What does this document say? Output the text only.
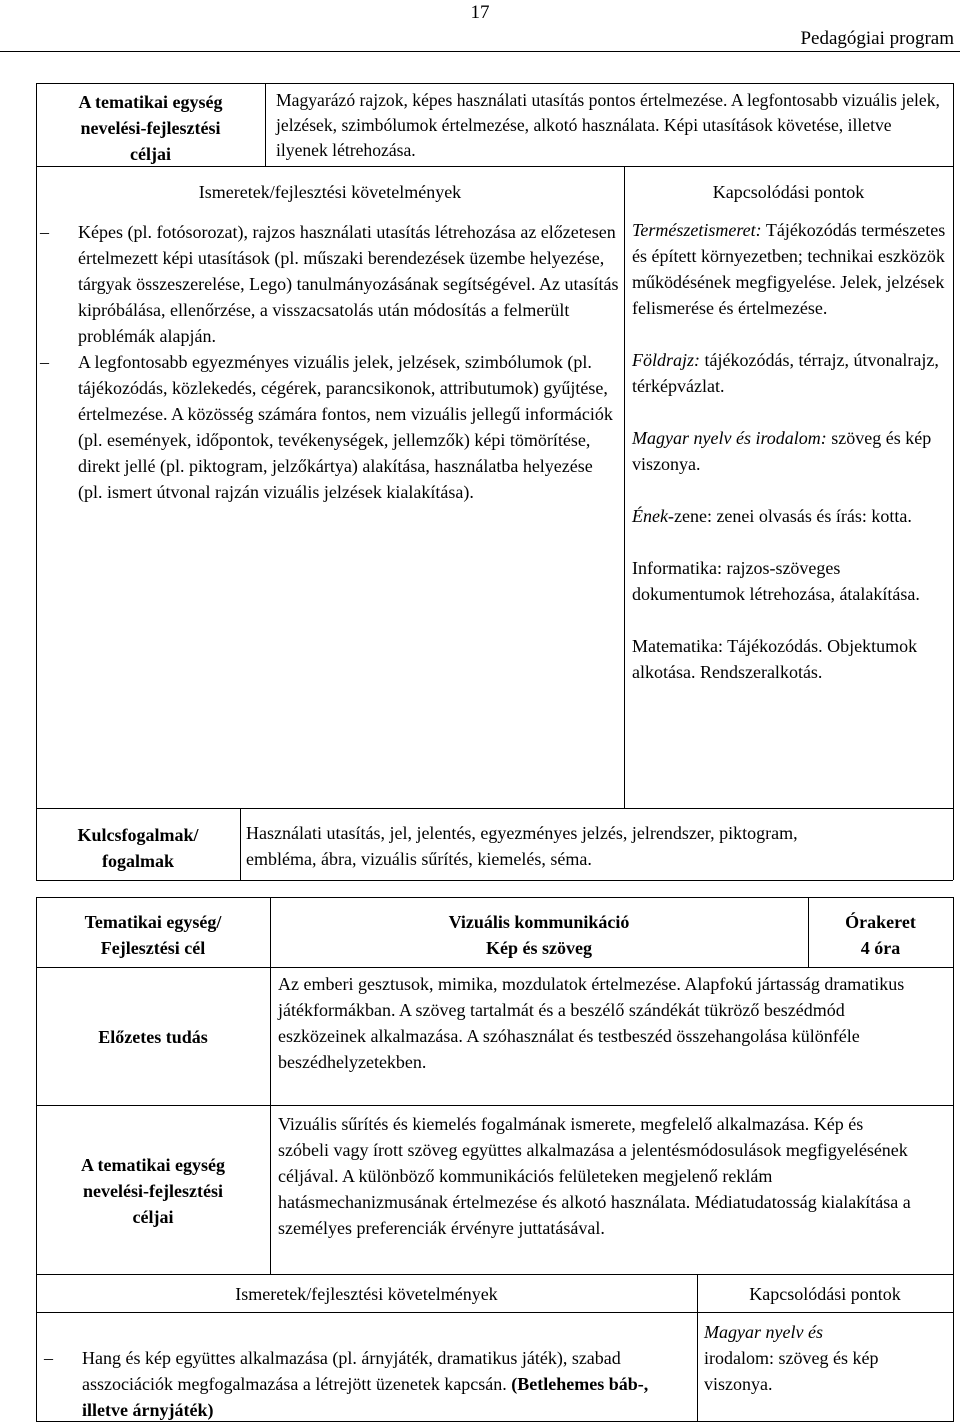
17
Pedagógiai program
A tematikai egység
nevelési-fejlesztési
céljai
Magyarázó rajzok, képes használati utasítás pontos értelmezése. A legfontosabb vizuális jelek, jelzések, szimbólumok értelmezése, alkotó használata. Képi utasítások követése, illetve ilyenek létrehozása.
Ismeretek/fejlesztési követelmények	Kapcsolódási pontok
– Képes (pl. fotósorozat), rajzos használati utasítás létrehozása az előzetesen értelmezett képi utasítások (pl. műszaki berendezések üzembe helyezése, tárgyak összeszerelése, Lego) tanulmányozásának segítségével. Az utasítás kipróbálása, ellenőrzése, a visszacsatolás után módosítás a felmerült problémák alapján.
– A legfontosabb egyezményes vizuális jelek, jelzések, szimbólumok (pl. tájékozódás, közlekedés, cégérek, parancsikonok, attributumok) gyűjtése, értelmezése. A közösség számára fontos, nem vizuális jellegű információk (pl. események, időpontok, tevékenységek, jellemzők) képi tömörítése, direkt jellé (pl. piktogram, jelzőkártya) alakítása, használatba helyezése (pl. ismert útvonal rajzán vizuális jelzések kialakítása).

Természetismeret: Tájékozódás természetes és épített környezetben; technikai eszközök működésének megfigyelése. Jelek, jelzések felismerése és értelmezése.

Földrajz: tájékozódás, térrajz, útvonalrajz, térképvázlat.

Magyar nyelv és irodalom: szöveg és kép viszonya.

Ének-zene: zenei olvasás és írás: kotta.

Informatika: rajzos-szöveges dokumentumok létrehozása, átalakítása.

Matematika: Tájékozódás. Objektumok alkotása. Rendszeralkotás.

Kulcsfogalmak/
fogalmak
Használati utasítás, jel, jelentés, egyezményes jelzés, jelrendszer, piktogram, embléma, ábra, vizuális sűrítés, kiemelés, séma.
Tematikai egység/
Fejlesztési cél
Vizuális kommunikáció
Kép és szöveg
Órakeret
4 óra
Előzetes tudás
Az emberi gesztusok, mimika, mozdulatok értelmezése. Alapfokú jártasság dramatikus játékformákban. A szöveg tartalmát és a beszélő szándékát tükröző beszédmód eszközeinek alkalmazása. A szóhasználat és testbeszéd összehangolása különféle beszédhelyzetekben.
A tematikai egység
nevelési-fejlesztési
céljai
Vizuális sűrítés és kiemelés fogalmának ismerete, megfelelő alkalmazása. Kép és szóbeli vagy írott szöveg együttes alkalmazása a jelentésmódosulások megfigyelésének céljával. A különböző kommunikációs felületeken megjelenő reklám hatásmechanizmusának értelmezése és alkotó használata. Médiatudatosság kialakítása a személyes preferenciák érvényre juttatásával.
Ismeretek/fejlesztési követelmények	Kapcsolódási pontok
– Hang és kép együttes alkalmazása (pl. árnyjáték, dramatikus játék), szabad asszociációk megfogalmazása a létrejött üzenetek kapcsán. (Betlehemes báb-, illetve árnyjáték)
Magyar nyelv és irodalom: szöveg és kép viszonya.
